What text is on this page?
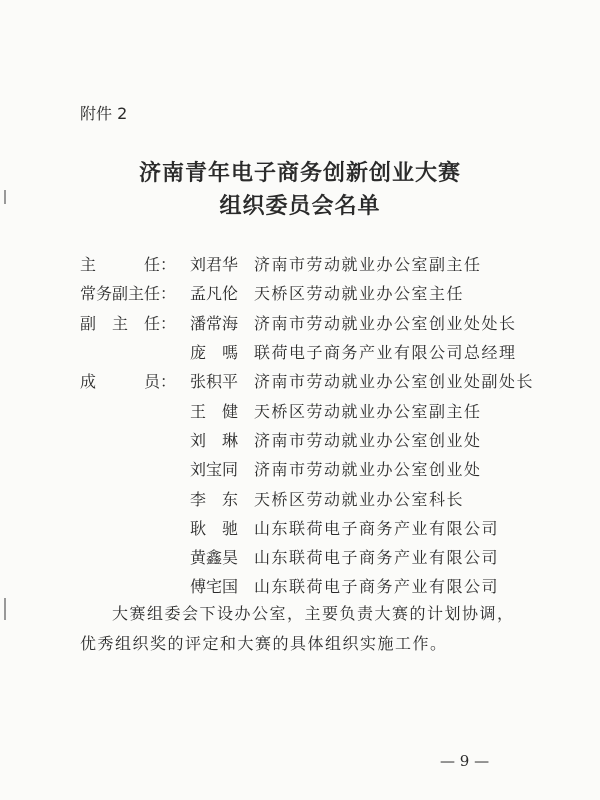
附件 2
济南青年电子商务创新创业大赛
组织委员会名单
主任 ： 刘君华 济南市劳动就业办公室副主任
常务副主任 ： 孟凡伦 天桥区劳动就业办公室主任
副主任 ： 潘常海 济南市劳动就业办公室创业处处长
庞嗎 联荷电子商务产业有限公司总经理
成员 ： 张积平 济南市劳动就业办公室创业处副处长
王健 天桥区劳动就业办公室副主任
刘琳 济南市劳动就业办公室创业处
刘宝同 济南市劳动就业办公室创业处
李东 天桥区劳动就业办公室科长
耿驰 山东联荷电子商务产业有限公司
黄鑫昊 山东联荷电子商务产业有限公司
傅宅国 山东联荷电子商务产业有限公司
大赛组委会下设办公室，主要负责大赛的计划协调，优秀组织奖的评定和大赛的具体组织实施工作。
— 9 —
